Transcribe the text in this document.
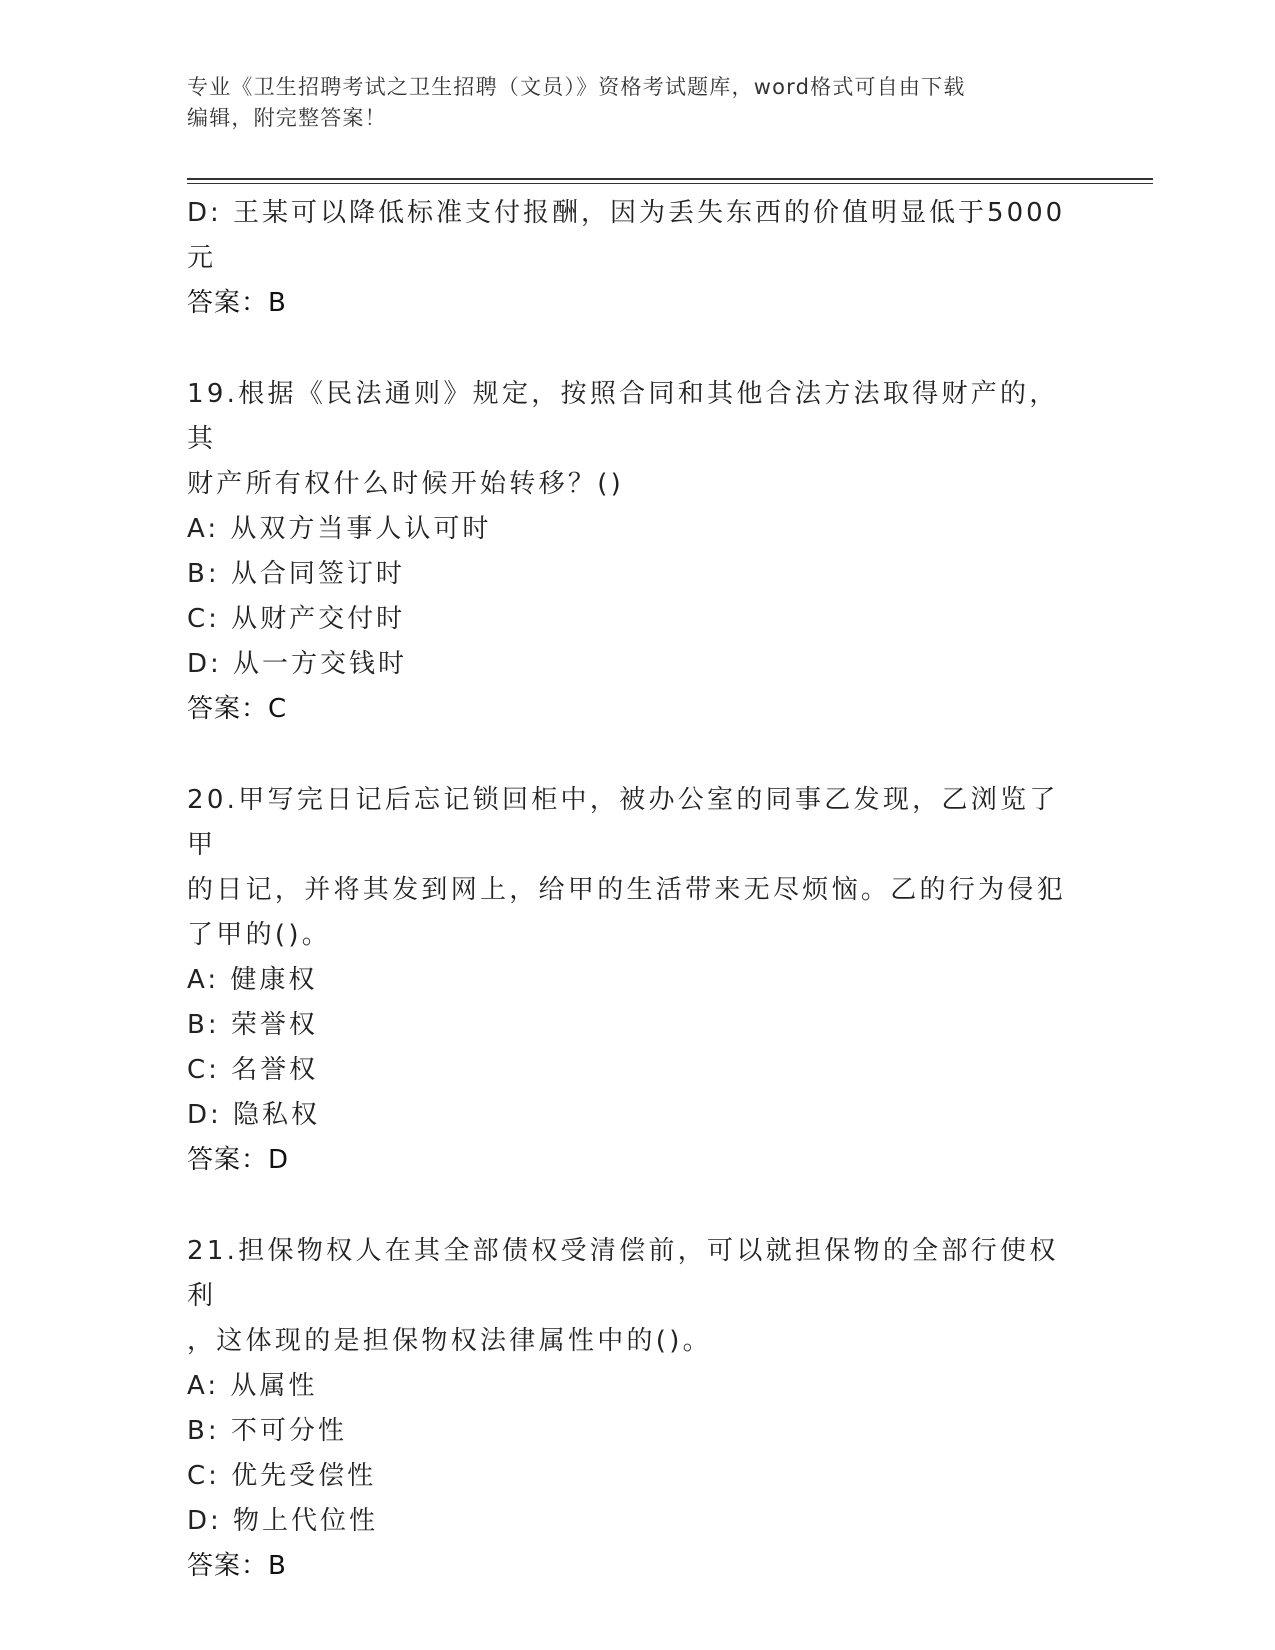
专业《卫生招聘考试之卫生招聘（文员）》资格考试题库，word格式可自由下载
编辑，附完整答案！

D: 王某可以降低标准支付报酬，因为丢失东西的价值明显低于5000

元

答案：B

19.根据《民法通则》规定，按照合同和其他合法方法取得财产的，其

财产所有权什么时候开始转移？()

A: 从双方当事人认可时

B: 从合同签订时

C: 从财产交付时

D: 从一方交钱时

答案：C

20.甲写完日记后忘记锁回柜中，被办公室的同事乙发现，乙浏览了甲

的日记，并将其发到网上，给甲的生活带来无尽烦恼。乙的行为侵犯

了甲的()。

A: 健康权

B: 荣誉权

C: 名誉权

D: 隐私权

答案：D

21.担保物权人在其全部债权受清偿前，可以就担保物的全部行使权利

，这体现的是担保物权法律属性中的()。

A: 从属性

B: 不可分性

C: 优先受偿性

D: 物上代位性

答案：B
